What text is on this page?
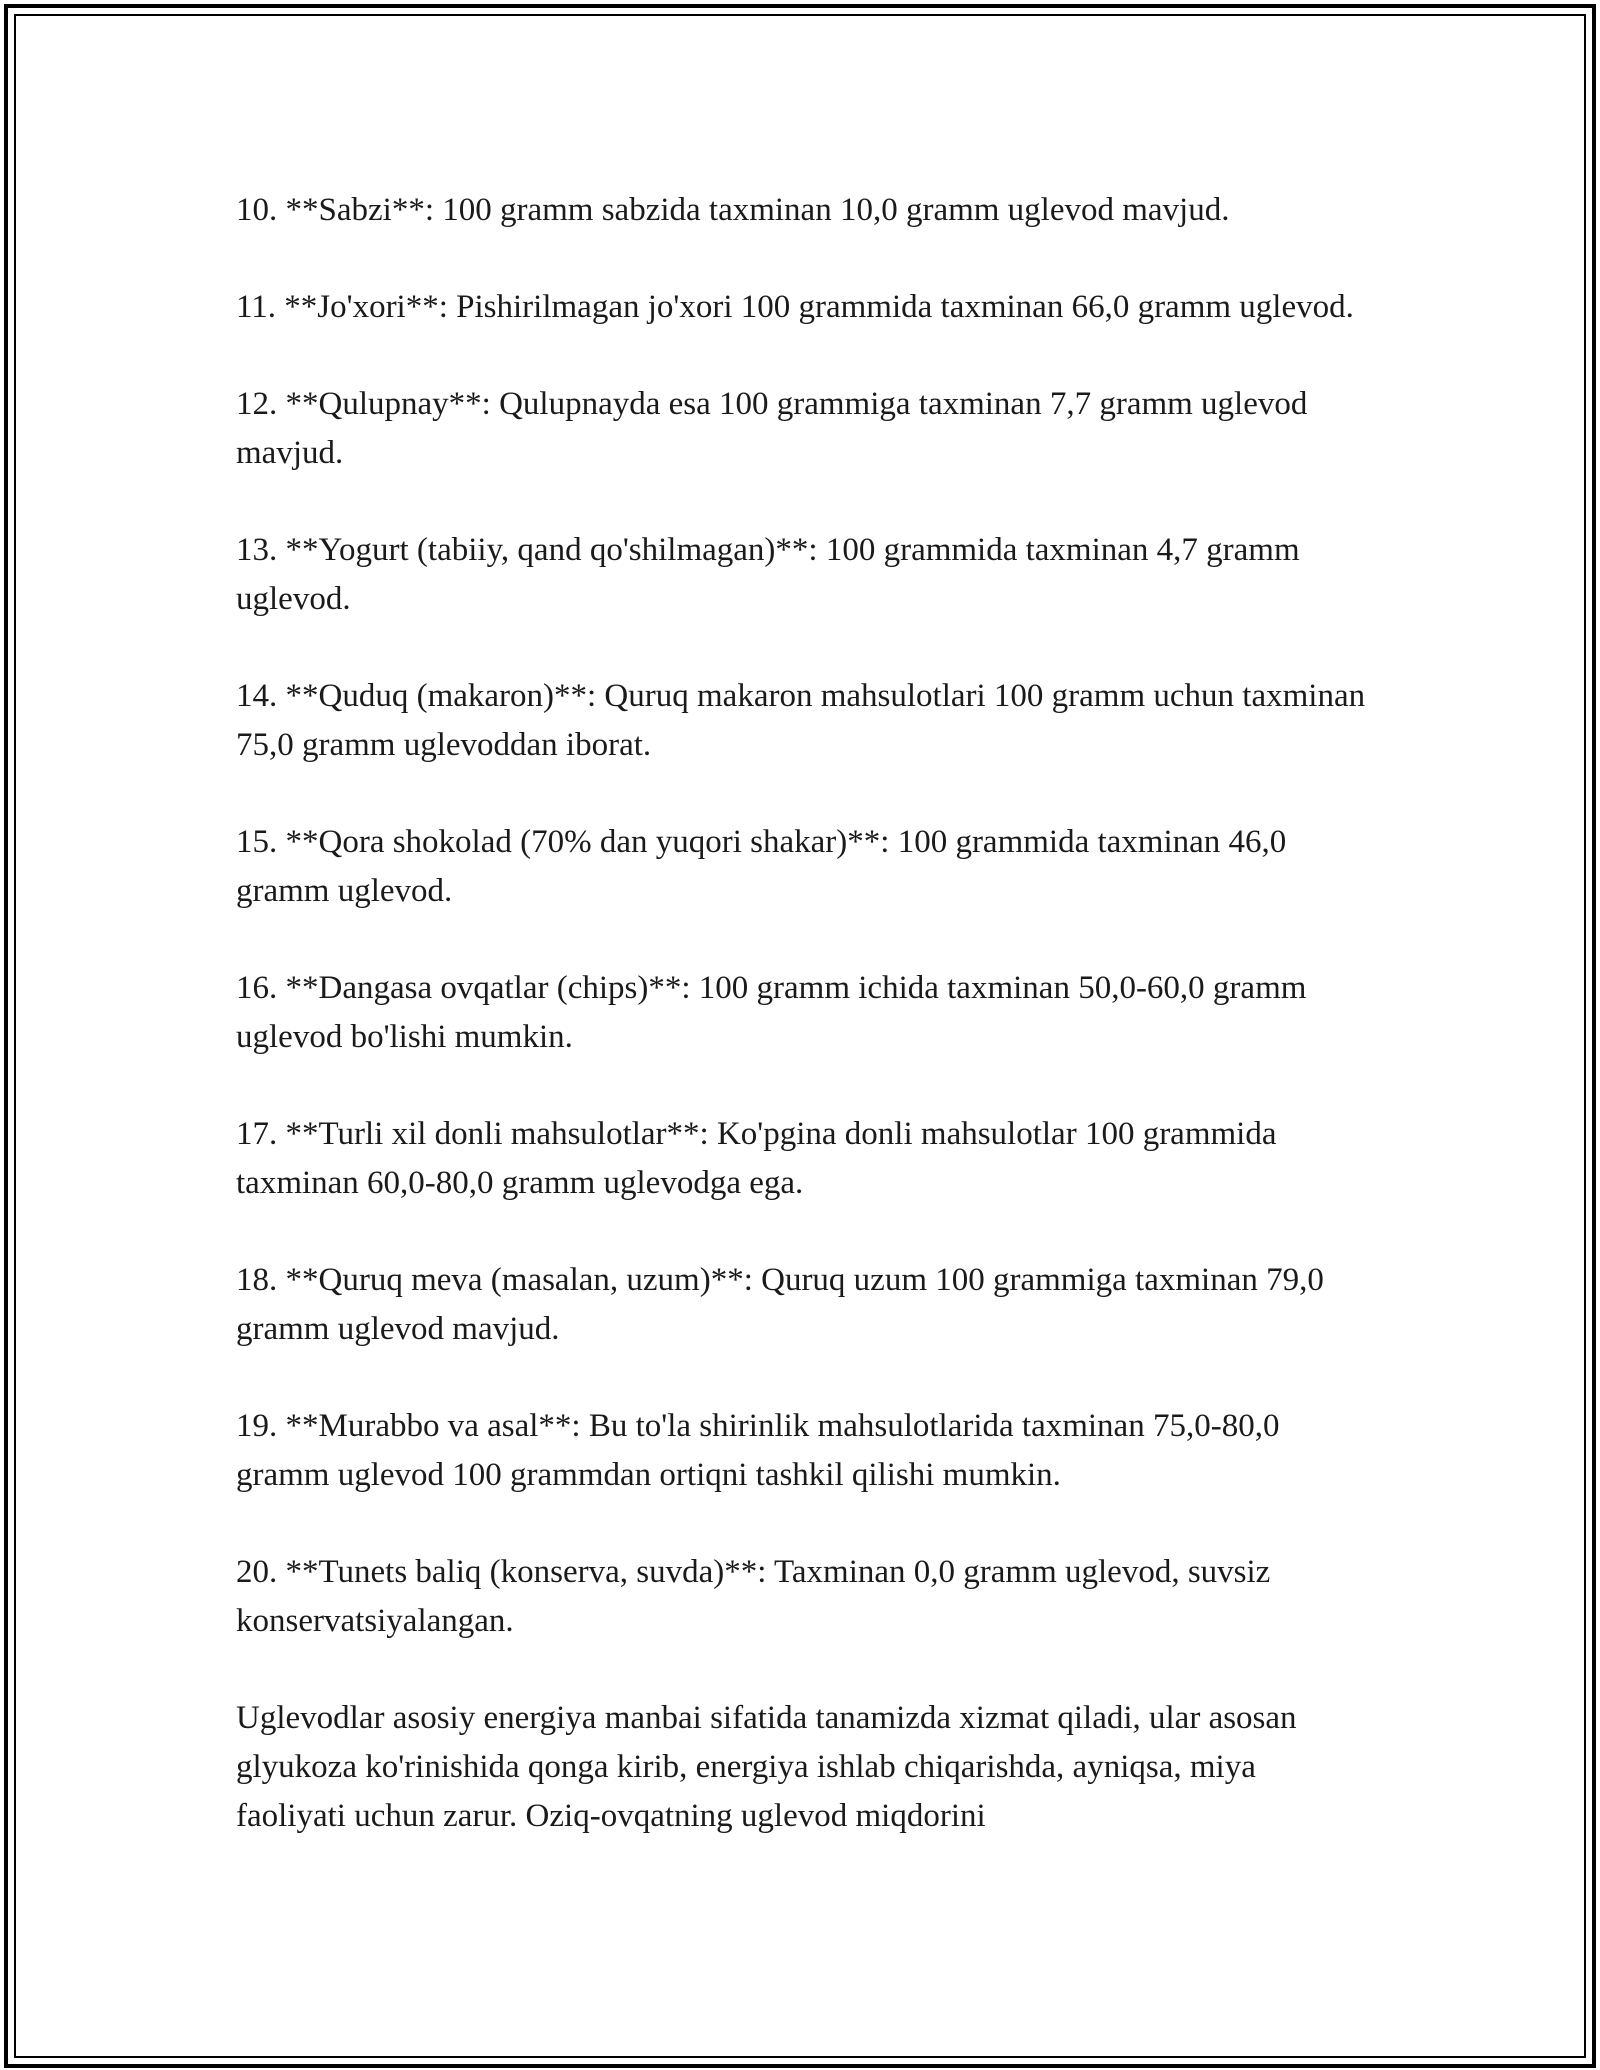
10. **Sabzi**: 100 gramm sabzida taxminan 10,0 gramm uglevod mavjud.

11. **Jo'xori**: Pishirilmagan jo'xori 100 grammida taxminan 66,0 gramm uglevod.

12. **Qulupnay**: Qulupnayda esa 100 grammiga taxminan 7,7 gramm uglevod mavjud.

13. **Yogurt (tabiiy, qand qo'shilmagan)**: 100 grammida taxminan 4,7 gramm uglevod.

14. **Quduq (makaron)**: Quruq makaron mahsulotlari 100 gramm uchun taxminan 75,0 gramm uglevoddan iborat.

15. **Qora shokolad (70% dan yuqori shakar)**: 100 grammida taxminan 46,0 gramm uglevod.

16. **Dangasa ovqatlar (chips)**: 100 gramm ichida taxminan 50,0-60,0 gramm uglevod bo'lishi mumkin.

17. **Turli xil donli mahsulotlar**: Ko'pgina donli mahsulotlar 100 grammida taxminan 60,0-80,0 gramm uglevodga ega.

18. **Quruq meva (masalan, uzum)**: Quruq uzum 100 grammiga taxminan 79,0 gramm uglevod mavjud.

19. **Murabbo va asal**: Bu to'la shirinlik mahsulotlarida taxminan 75,0-80,0 gramm uglevod 100 grammdan ortiqni tashkil qilishi mumkin.

20. **Tunets baliq (konserva, suvda)**: Taxminan 0,0 gramm uglevod, suvsiz konservatsiyalangan.

Uglevodlar asosiy energiya manbai sifatida tanamizda xizmat qiladi, ular asosan glyukoza ko'rinishida qonga kirib, energiya ishlab chiqarishda, ayniqsa, miya faoliyati uchun zarur. Oziq-ovqatning uglevod miqdorini
